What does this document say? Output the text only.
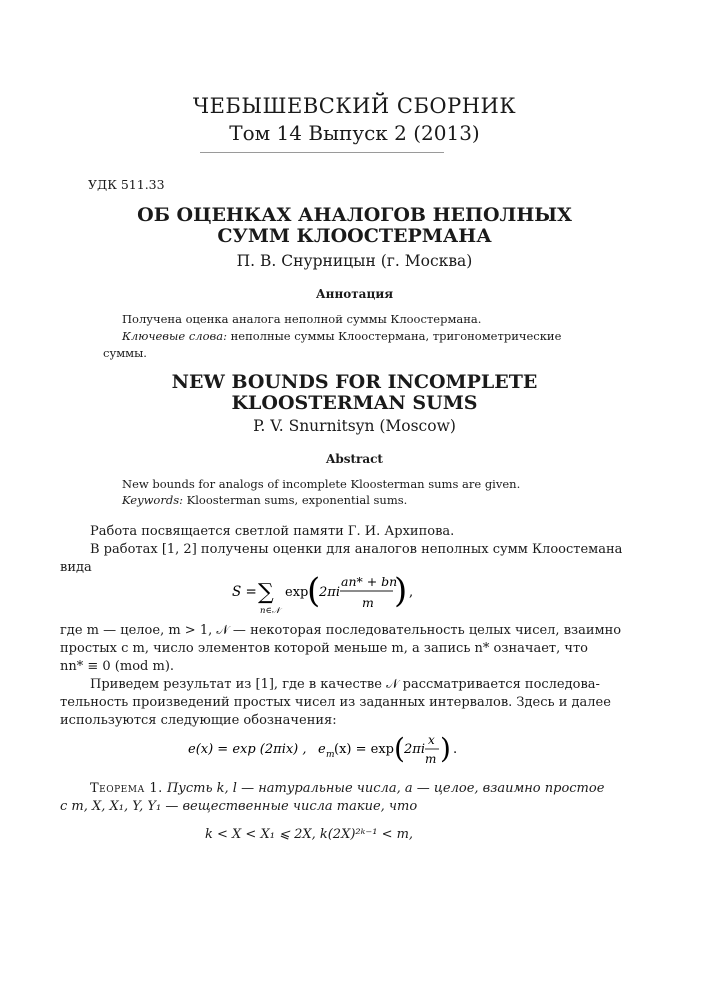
ЧЕБЫШЕВСКИЙ СБОРНИК
Том 14 Выпуск 2 (2013)
УДК 511.33
ОБ ОЦЕНКАХ АНАЛОГОВ НЕПОЛНЫХ
СУММ КЛООСТЕРМАНА
П. В. Снурницын (г. Москва)
Аннотация
Получена оценка аналога неполной суммы Клоостермана.
Ключевые слова: неполные суммы Клоостермана, тригонометрические
суммы.
NEW BOUNDS FOR INCOMPLETE
KLOOSTERMAN SUMS
P. V. Snurnitsyn (Moscow)
Abstract
New bounds for analogs of incomplete Kloosterman sums are given.
Keywords: Kloosterman sums, exponential sums.
Работа посвящается светлой памяти Г. И. Архипова.
В работах [1, 2] получены оценки для аналогов неполных сумм Клоостемана
вида
S = ∑
n∈𝒩
exp
(
2πi
an* + bn
m ) ,
где m — целое, m > 1, 𝒩 — некоторая последовательность целых чисел, взаимно
простых с m, число элементов которой меньше m, а запись n* означает, что
nn* ≡ 0 (mod m).
Приведем результат из [1], где в качестве 𝒩 рассматривается последова-
тельность произведений простых чисел из заданных интервалов. Здесь и далее
используются следующие обозначения:
e(x) = exp (2πix) , e m (x) = exp ( 2πi
x
m ) .
Теорема 1. Пусть k, l — натуральные числа, a — целое, взаимно простое
с m, X, X₁, Y, Y₁ — вещественные числа такие, что
k < X < X₁ ⩽ 2X, k(2X)²ᵏ⁻¹ < m,
